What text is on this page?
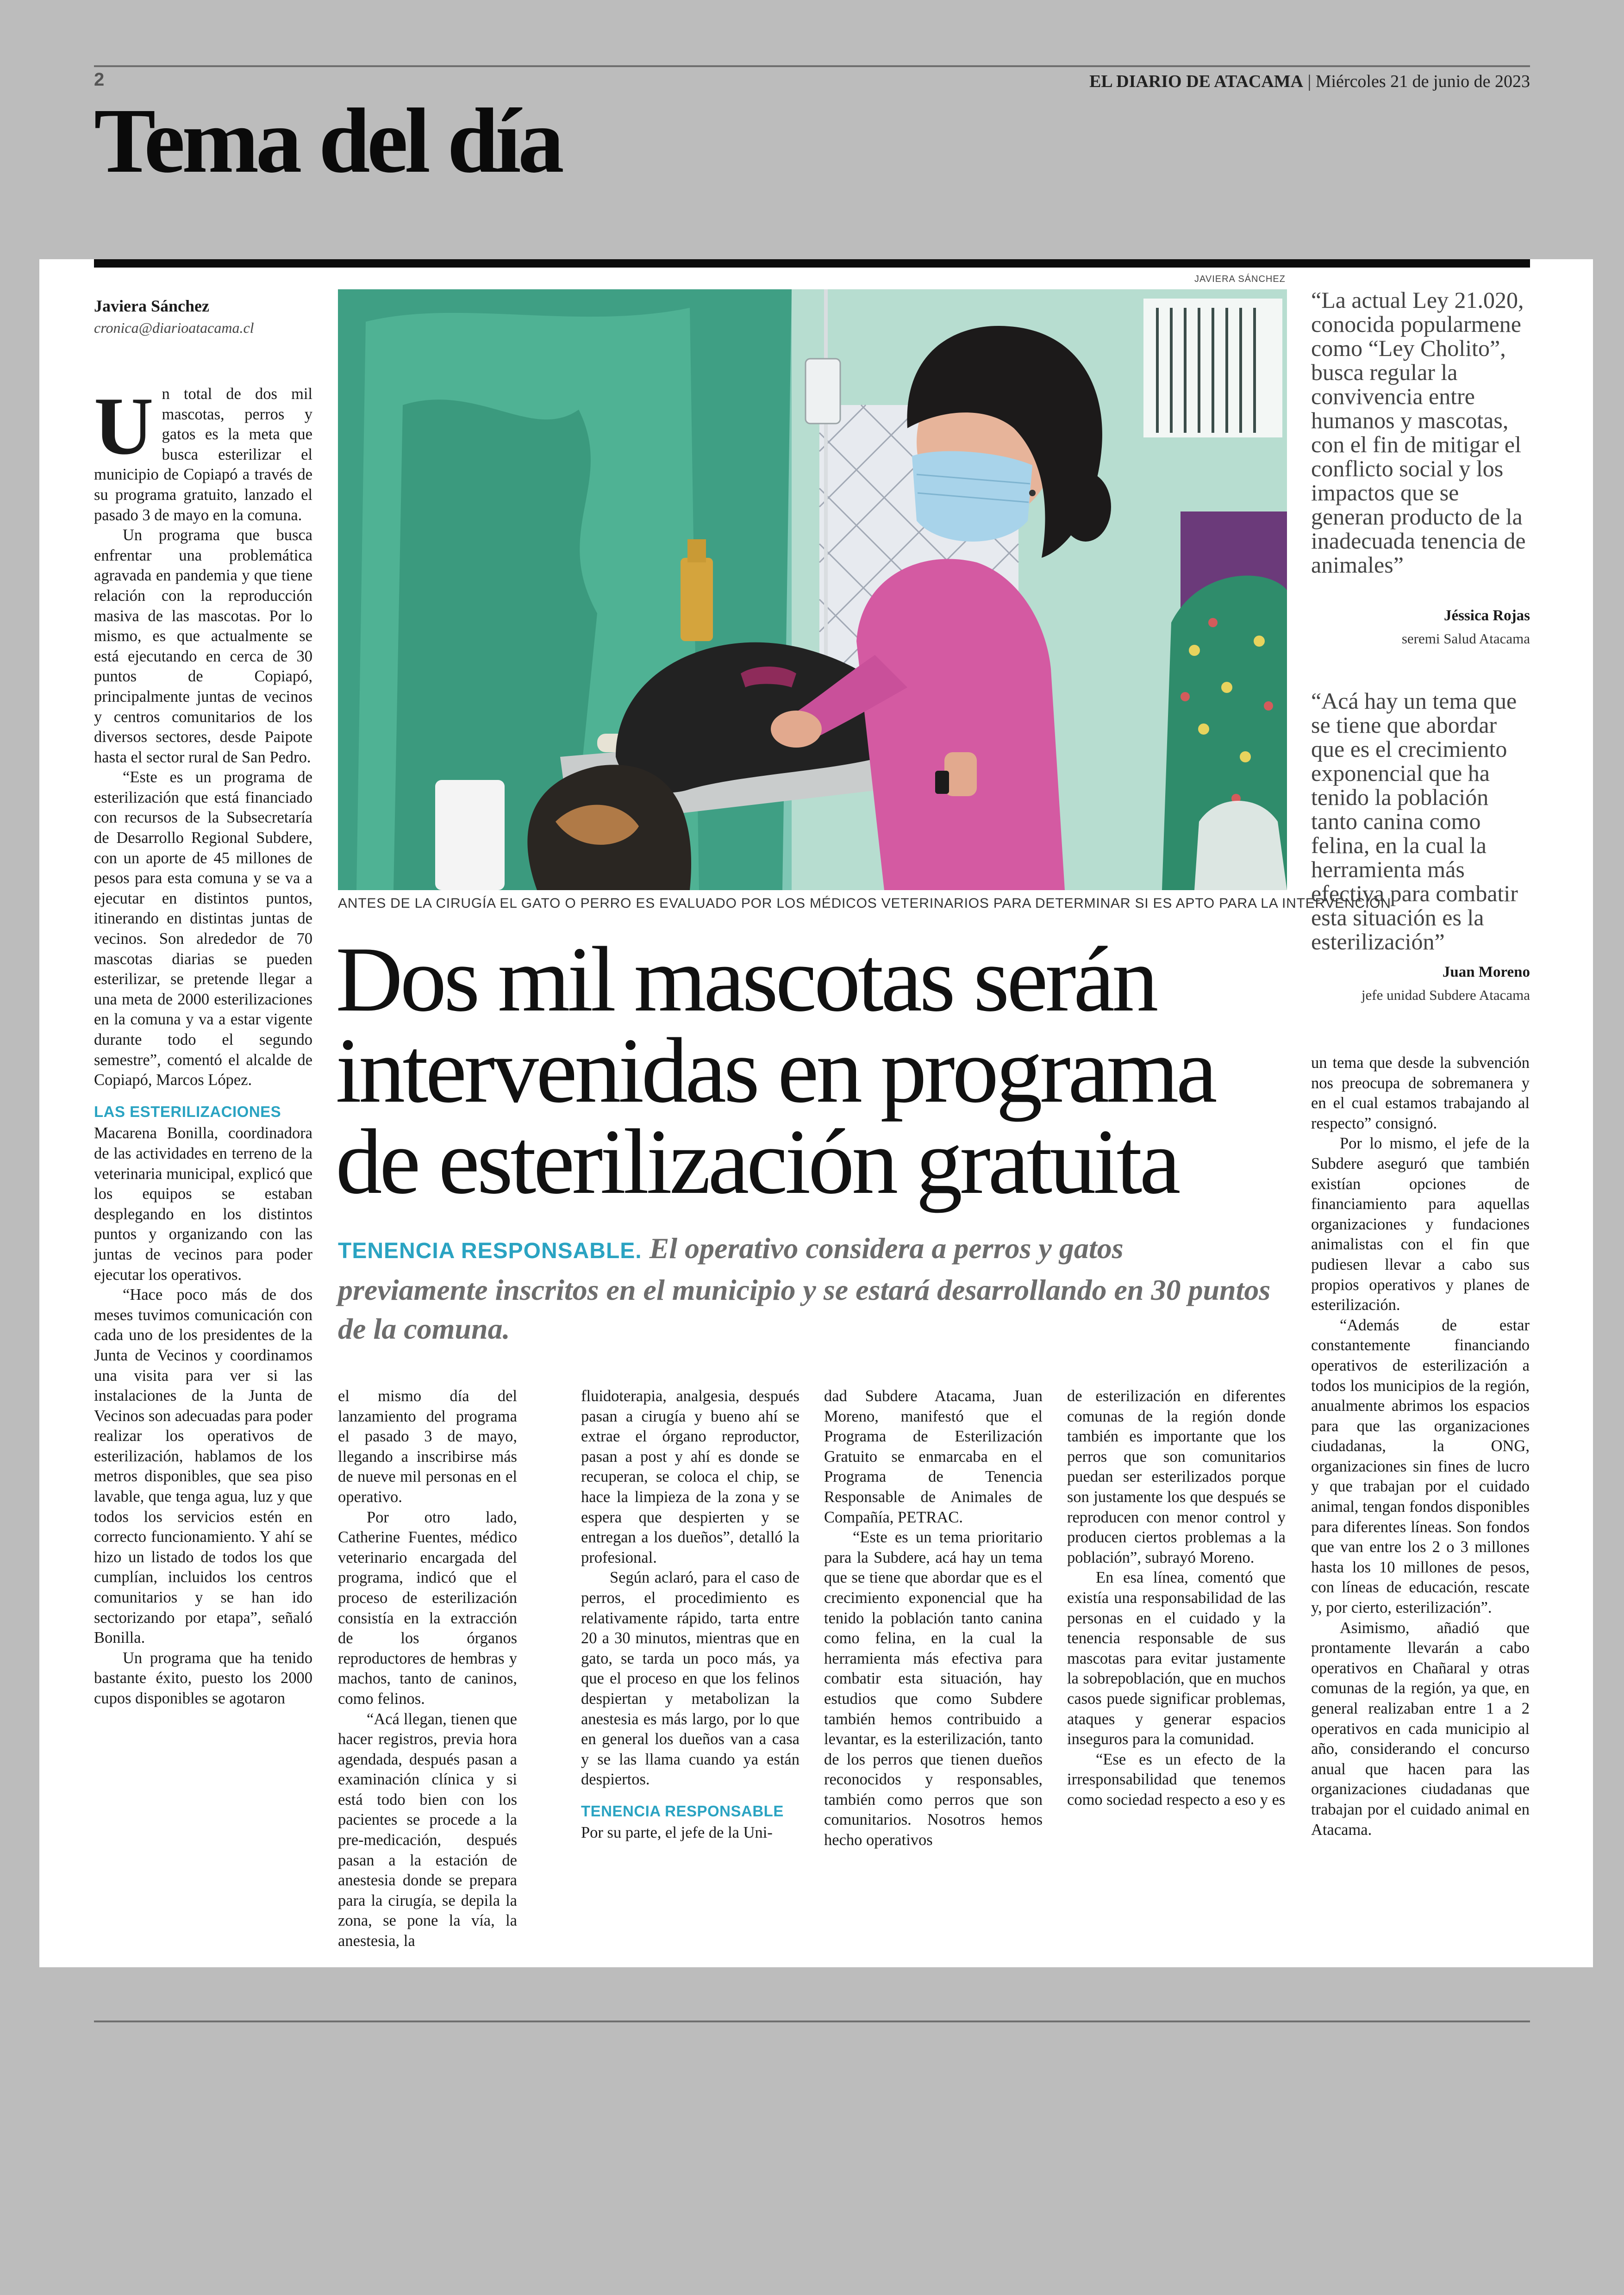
2	EL DIARIO DE ATACAMA | Miércoles 21 de junio de 2023
Tema del día
Javiera Sánchez
cronica@diarioatacama.cl
JAVIERA SÁNCHEZ
ANTES DE LA CIRUGÍA EL GATO O PERRO ES EVALUADO POR LOS MÉDICOS VETERINARIOS PARA DETERMINAR SI ES APTO PARA LA INTERVENCIÓN
Dos mil mascotas serán intervenidas en programa de esterilización gratuita
TENENCIA RESPONSABLE. El operativo considera a perros y gatos previamente inscritos en el municipio y se estará desarrollando en 30 puntos de la comuna.

Un total de dos mil mascotas, perros y gatos es la meta que busca esterilizar el municipio de Copiapó a través de su programa gratuito, lanzado el pasado 3 de mayo en la comuna.

Un programa que busca enfrentar una problemática agravada en pandemia y que tiene relación con la reproducción masiva de las mascotas. Por lo mismo, es que actualmente se está ejecutando en cerca de 30 puntos de Copiapó, principalmente juntas de vecinos y centros comunitarios de los diversos sectores, desde Paipote hasta el sector rural de San Pedro.

“Este es un programa de esterilización que está financiado con recursos de la Subsecretaría de Desarrollo Regional Subdere, con un aporte de 45 millones de pesos para esta comuna y se va a ejecutar en distintos puntos, itinerando en distintas juntas de vecinos. Son alrededor de 70 mascotas diarias se pueden esterilizar, se pretende llegar a una meta de 2000 esterilizaciones en la comuna y va a estar vigente durante todo el segundo semestre”, comentó el alcalde de Copiapó, Marcos López.

LAS ESTERILIZACIONES

Macarena Bonilla, coordinadora de las actividades en terreno de la veterinaria municipal, explicó que los equipos se estaban desplegando en los distintos puntos y organizando con las juntas de vecinos para poder ejecutar los operativos.

“Hace poco más de dos meses tuvimos comunicación con cada uno de los presidentes de la Junta de Vecinos y coordinamos una visita para ver si las instalaciones de la Junta de Vecinos son adecuadas para poder realizar los operativos de esterilización, hablamos de los metros disponibles, que sea piso lavable, que tenga agua, luz y que todos los servicios estén en correcto funcionamiento. Y ahí se hizo un listado de todos los que cumplían, incluidos los centros comunitarios y se han ido sectorizando por etapa”, señaló Bonilla.

Un programa que ha tenido bastante éxito, puesto los 2000 cupos disponibles se agotaron

el mismo día del lanzamiento del programa el pasado 3 de mayo, llegando a inscribirse más de nueve mil personas en el operativo.

Por otro lado, Catherine Fuentes, médico veterinario encargada del programa, indicó que el proceso de esterilización consistía en la extracción de los órganos reproductores de hembras y machos, tanto de caninos, como felinos.

“Acá llegan, tienen que hacer registros, previa hora agendada, después pasan a examinación clínica y si está todo bien con los pacientes se procede a la pre-medicación, después pasan a la estación de anestesia donde se prepara para la cirugía, se depila la zona, se pone la vía, la anestesia, la

fluidoterapia, analgesia, después pasan a cirugía y bueno ahí se extrae el órgano reproductor, pasan a post y ahí es donde se recuperan, se coloca el chip, se hace la limpieza de la zona y se espera que despierten y se entregan a los dueños”, detalló la profesional.

Según aclaró, para el caso de perros, el procedimiento es relativamente rápido, tarta entre 20 a 30 minutos, mientras que en gato, se tarda un poco más, ya que el proceso en que los felinos despiertan y metabolizan la anestesia es más largo, por lo que en general los dueños van a casa y se las llama cuando ya están despiertos.

TENENCIA RESPONSABLE

Por su parte, el jefe de la Uni-

dad Subdere Atacama, Juan Moreno, manifestó que el Programa de Esterilización Gratuito se enmarcaba en el Programa de Tenencia Responsable de Animales de Compañía, PETRAC.

“Este es un tema prioritario para la Subdere, acá hay un tema que se tiene que abordar que es el crecimiento exponencial que ha tenido la población tanto canina como felina, en la cual la herramienta más efectiva para combatir esta situación, hay estudios que como Subdere también hemos contribuido a levantar, es la esterilización, tanto de los perros que tienen dueños reconocidos y responsables, también como perros que son comunitarios. Nosotros hemos hecho operativos

de esterilización en diferentes comunas de la región donde también es importante que los perros que son comunitarios puedan ser esterilizados porque son justamente los que después se reproducen con menor control y producen ciertos problemas a la población”, subrayó Moreno.

En esa línea, comentó que existía una responsabilidad de las personas en el cuidado y la tenencia responsable de sus mascotas para evitar justamente la sobrepoblación, que en muchos casos puede significar problemas, ataques y generar espacios inseguros para la comunidad.

“Ese es un efecto de la irresponsabilidad que tenemos como sociedad respecto a eso y es

un tema que desde la subvención nos preocupa de sobremanera y en el cual estamos trabajando al respecto” consignó.

Por lo mismo, el jefe de la Subdere aseguró que también existían opciones de financiamiento para aquellas organizaciones y fundaciones animalistas con el fin que pudiesen llevar a cabo sus propios operativos y planes de esterilización.

“Además de estar constantemente financiando operativos de esterilización a todos los municipios de la región, anualmente abrimos los espacios para que las organizaciones ciudadanas, la ONG, organizaciones sin fines de lucro y que trabajan por el cuidado animal, tengan fondos disponibles para diferentes líneas. Son fondos que van entre los 2 o 3 millones hasta los 10 millones de pesos, con líneas de educación, rescate y, por cierto, esterilización”.

Asimismo, añadió que prontamente llevarán a cabo operativos en Chañaral y otras comunas de la región, ya que, en general realizaban entre 1 a 2 operativos en cada municipio al año, considerando el concurso anual que hacen para las organizaciones ciudadanas que trabajan por el cuidado animal en Atacama.

“La actual Ley 21.020, conocida popularmene como “Ley Cholito”, busca regular la convivencia entre humanos y mascotas, con el fin de mitigar el conflicto social y los impactos que se generan producto de la inadecuada tenencia de animales”
Jéssica Rojas
seremi Salud Atacama
“Acá hay un tema que se tiene que abordar que es el crecimiento exponencial que ha tenido la población tanto canina como felina, en la cual la herramienta más efectiva para combatir esta situación es la esterilización”
Juan Moreno
jefe unidad Subdere Atacama
